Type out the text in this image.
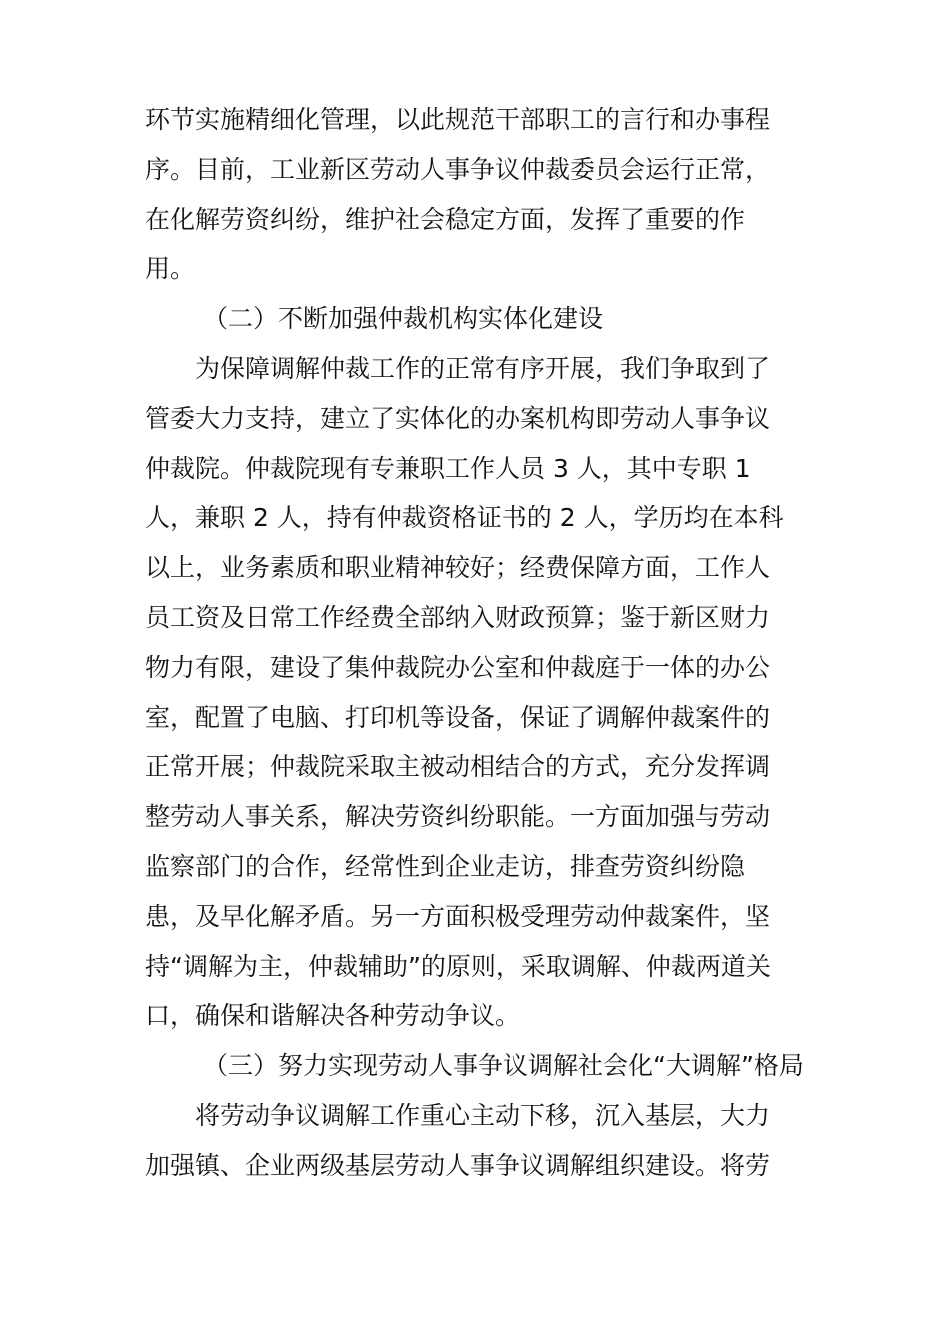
环节实施精细化管理，以此规范干部职工的言行和办事程
序。目前，工业新区劳动人事争议仲裁委员会运行正常，
在化解劳资纠纷，维护社会稳定方面，发挥了重要的作
用。
（二）不断加强仲裁机构实体化建设
为保障调解仲裁工作的正常有序开展，我们争取到了
管委大力支持，建立了实体化的办案机构即劳动人事争议
仲裁院。仲裁院现有专兼职工作人员 3 人，其中专职 1
人，兼职 2 人，持有仲裁资格证书的 2 人，学历均在本科
以上，业务素质和职业精神较好；经费保障方面，工作人
员工资及日常工作经费全部纳入财政预算；鉴于新区财力
物力有限，建设了集仲裁院办公室和仲裁庭于一体的办公
室，配置了电脑、打印机等设备，保证了调解仲裁案件的
正常开展；仲裁院采取主被动相结合的方式，充分发挥调
整劳动人事关系，解决劳资纠纷职能。一方面加强与劳动
监察部门的合作，经常性到企业走访，排查劳资纠纷隐
患，及早化解矛盾。另一方面积极受理劳动仲裁案件，坚
持“调解为主，仲裁辅助”的原则，采取调解、仲裁两道关
口，确保和谐解决各种劳动争议。
（三）努力实现劳动人事争议调解社会化“大调解”格局
将劳动争议调解工作重心主动下移，沉入基层，大力
加强镇、企业两级基层劳动人事争议调解组织建设。将劳
